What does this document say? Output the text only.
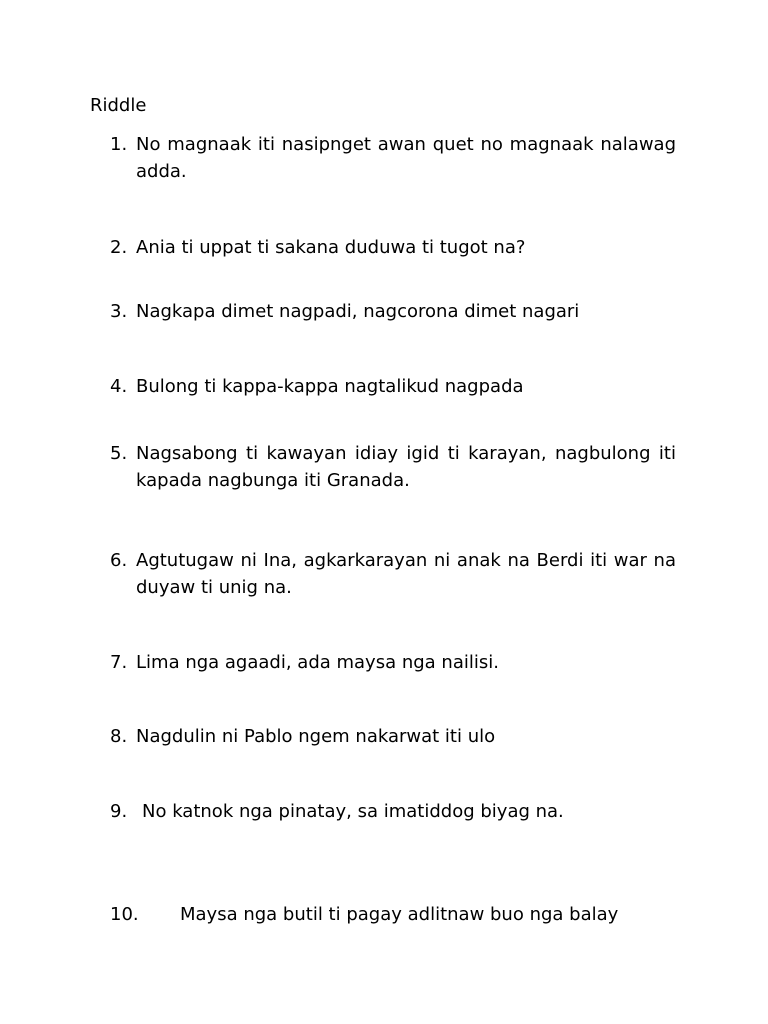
Riddle
1. No magnaak iti nasipnget awan quet no magnaak nalawag adda.
2. Ania ti uppat ti sakana duduwa ti tugot na?
3. Nagkapa dimet nagpadi, nagcorona dimet nagari
4. Bulong ti kappa-kappa nagtalikud nagpada
5. Nagsabong ti kawayan idiay igid ti karayan, nagbulong iti kapada nagbunga iti Granada.
6. Agtutugaw ni Ina, agkarkarayan ni anak na Berdi iti war na duyaw ti unig na.
7. Lima nga agaadi, ada maysa nga nailisi.
8. Nagdulin ni Pablo ngem nakarwat iti ulo
9. No katnok nga pinatay, sa imatiddog biyag na.
10.	Maysa nga butil ti pagay adlitnaw buo nga balay
